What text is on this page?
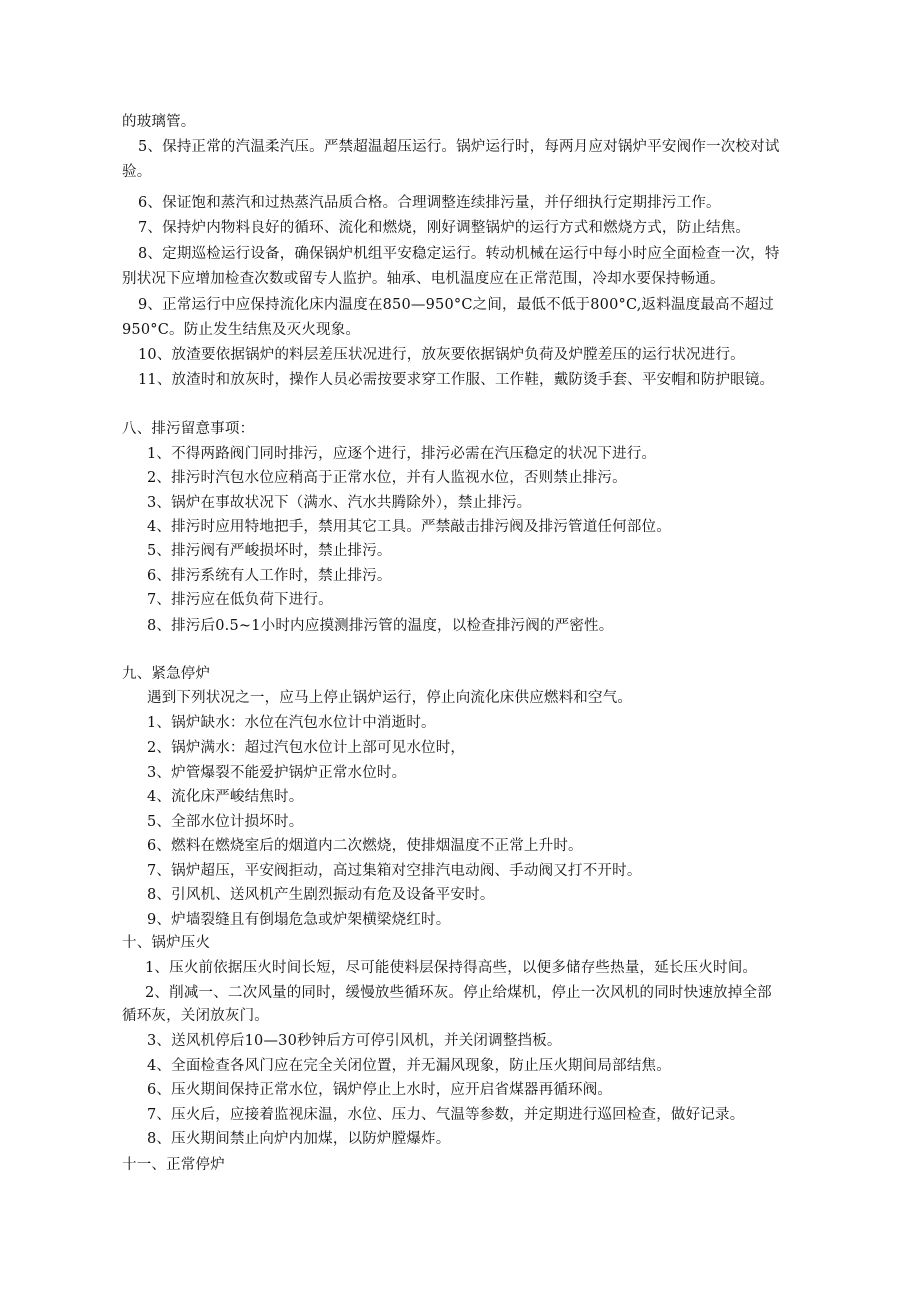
的玻璃管。

5、保持正常的汽温柔汽压。严禁超温超压运行。锅炉运行时，每两月应对锅炉平安阀作一次校对试

验。

6、保证饱和蒸汽和过热蒸汽品质合格。合理调整连续排污量，并仔细执行定期排污工作。

7、保持炉内物料良好的循环、流化和燃烧，刚好调整锅炉的运行方式和燃烧方式，防止结焦。

8、定期巡检运行设备，确保锅炉机组平安稳定运行。转动机械在运行中每小时应全面检查一次，特

别状况下应增加检查次数或留专人监护。轴承、电机温度应在正常范围，冷却水要保持畅通。

9、正常运行中应保持流化床内温度在850—950°C之间，最低不低于800°C,返料温度最高不超过

950°C。防止发生结焦及灭火现象。

10、放渣要依据锅炉的料层差压状况进行，放灰要依据锅炉负荷及炉膛差压的运行状况进行。

11、放渣时和放灰时，操作人员必需按要求穿工作服、工作鞋，戴防烫手套、平安帽和防护眼镜。

八、排污留意事项：

1、不得两路阀门同时排污，应逐个进行，排污必需在汽压稳定的状况下进行。

2、排污时汽包水位应稍高于正常水位，并有人监视水位，否则禁止排污。

3、锅炉在事故状况下（满水、汽水共腾除外），禁止排污。

4、排污时应用特地把手，禁用其它工具。严禁敲击排污阀及排污管道任何部位。

5、排污阀有严峻损坏时，禁止排污。

6、排污系统有人工作时，禁止排污。

7、排污应在低负荷下进行。

8、排污后0.5~1小时内应摸测排污管的温度，以检查排污阀的严密性。

九、紧急停炉

遇到下列状况之一，应马上停止锅炉运行，停止向流化床供应燃料和空气。

1、锅炉缺水：水位在汽包水位计中消逝时。

2、锅炉满水：超过汽包水位计上部可见水位时，

3、炉管爆裂不能爱护锅炉正常水位时。

4、流化床严峻结焦时。

5、全部水位计损坏时。

6、燃料在燃烧室后的烟道内二次燃烧，使排烟温度不正常上升时。

7、锅炉超压，平安阀拒动，高过集箱对空排汽电动阀、手动阀又打不开时。

8、引风机、送风机产生剧烈振动有危及设备平安时。

9、炉墙裂缝且有倒塌危急或炉架横梁烧红时。

十、锅炉压火

1、压火前依据压火时间长短，尽可能使料层保持得高些，以便多储存些热量，延长压火时间。

2、削减一、二次风量的同时，缓慢放些循环灰。停止给煤机，停止一次风机的同时快速放掉全部

循环灰，关闭放灰门。

3、送风机停后10—30秒钟后方可停引风机，并关闭调整挡板。

4、全面检查各风门应在完全关闭位置，并无漏风现象，防止压火期间局部结焦。

6、压火期间保持正常水位，锅炉停止上水时，应开启省煤器再循环阀。

7、压火后，应接着监视床温，水位、压力、气温等参数，并定期进行巡回检查，做好记录。

8、压火期间禁止向炉内加煤，以防炉膛爆炸。

十一、正常停炉
